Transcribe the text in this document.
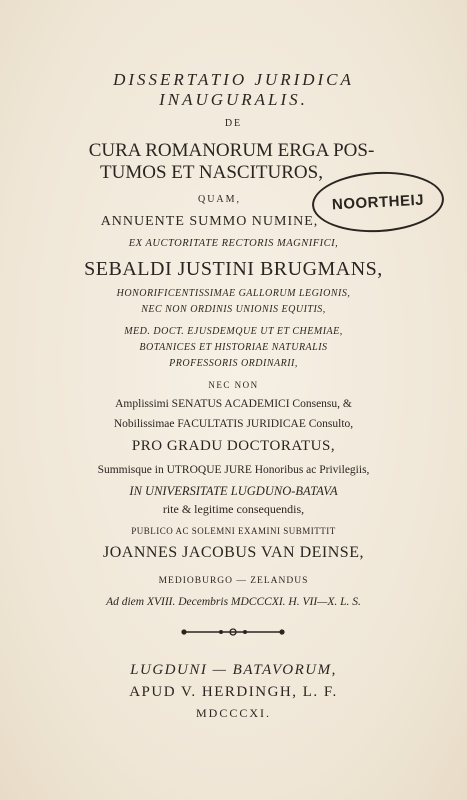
DISSERTATIO JURIDICA
INAUGURALIS.
DE
CURA ROMANORUM ERGA POS-
TUMOS ET NASCITUROS,
NOORTHEIJ
QUAM,
ANNUENTE SUMMO NUMINE,
EX AUCTORITATE RECTORIS MAGNIFICI,
SEBALDI JUSTINI BRUGMANS,
HONORIFICENTISSIMAE GALLORUM LEGIONIS,
NEC NON ORDINIS UNIONIS EQUITIS,
MED. DOCT. EJUSDEMQUE UT ET CHEMIAE,
BOTANICES ET HISTORIAE NATURALIS
PROFESSORIS ORDINARII,
NEC NON
Amplissimi SENATUS ACADEMICI Consensu, &
Nobilissimae FACULTATIS JURIDICAE Consulto,
PRO GRADU DOCTORATUS,
Summisque in UTROQUE JURE Honoribus ac Privilegiis,
IN UNIVERSITATE LUGDUNO-BATAVA
rite & legitime consequendis,
PUBLICO AC SOLEMNI EXAMINI SUBMITTIT
JOANNES JACOBUS VAN DEINSE,
MEDIOBURGO — ZELANDUS
Ad diem XVIII. Decembris MDCCCXI. H. VII—X. L. S.
LUGDUNI — BATAVORUM,
APUD V. HERDINGH, L. F.
MDCCCXI.
